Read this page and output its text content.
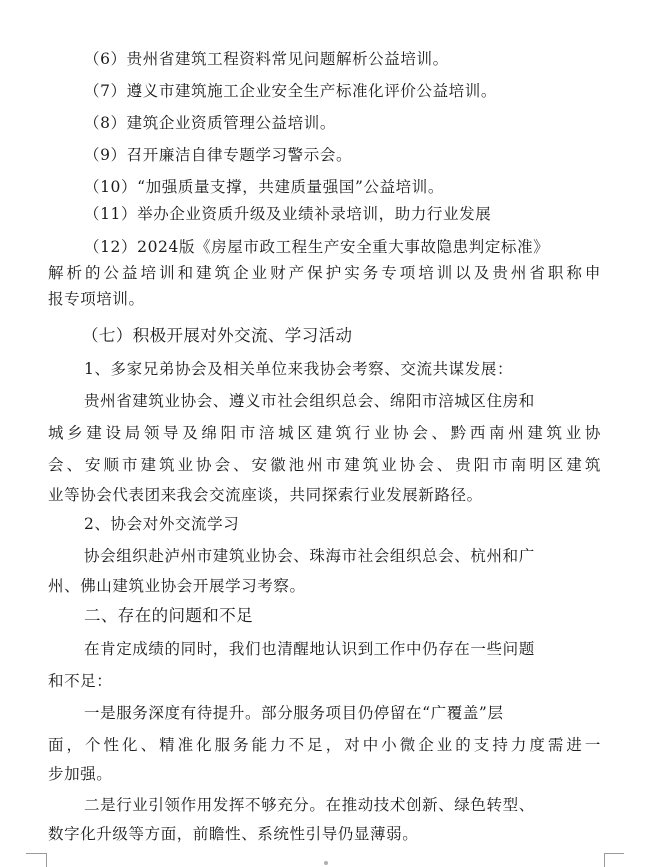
（6）贵州省建筑工程资料常见问题解析公益培训。
（7）遵义市建筑施工企业安全生产标准化评价公益培训。
（8）建筑企业资质管理公益培训。
（9）召开廉洁自律专题学习警示会。
（10）“加强质量支撑，共建质量强国”公益培训。
（11）举办企业资质升级及业绩补录培训，助力行业发展
（12）2024版《房屋市政工程生产安全重大事故隐患判定标准》
解析的公益培训和建筑企业财产保护实务专项培训以及贵州省职称申
报专项培训。
（七）积极开展对外交流、学习活动
1、多家兄弟协会及相关单位来我协会考察、交流共谋发展：
贵州省建筑业协会、遵义市社会组织总会、绵阳市涪城区住房和
城乡建设局领导及绵阳市涪城区建筑行业协会、黔西南州建筑业协
会、安顺市建筑业协会、安徽池州市建筑业协会、贵阳市南明区建筑
业等协会代表团来我会交流座谈，共同探索行业发展新路径。
2、协会对外交流学习
协会组织赴泸州市建筑业协会、珠海市社会组织总会、杭州和广
州、佛山建筑业协会开展学习考察。
二、存在的问题和不足
在肯定成绩的同时，我们也清醒地认识到工作中仍存在一些问题
和不足：
一是服务深度有待提升。部分服务项目仍停留在“广覆盖”层
面，个性化、精准化服务能力不足，对中小微企业的支持力度需进一
步加强。
二是行业引领作用发挥不够充分。在推动技术创新、绿色转型、
数字化升级等方面，前瞻性、系统性引导仍显薄弱。
